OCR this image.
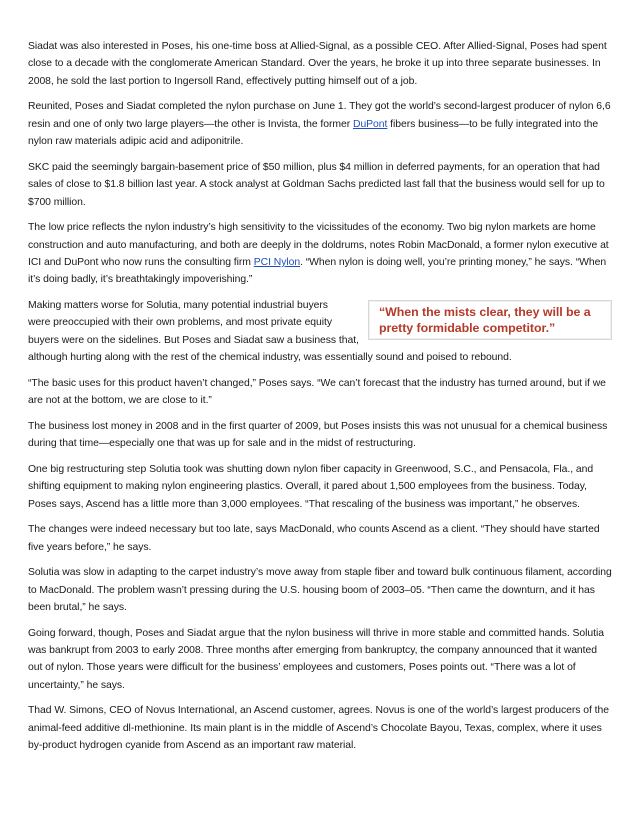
Siadat was also interested in Poses, his one-time boss at Allied-Signal, as a possible CEO. After Allied-Signal, Poses had spent close to a decade with the conglomerate American Standard. Over the years, he broke it up into three separate businesses. In 2008, he sold the last portion to Ingersoll Rand, effectively putting himself out of a job.

Reunited, Poses and Siadat completed the nylon purchase on June 1. They got the world’s second-largest producer of nylon 6,6 resin and one of only two large players—the other is Invista, the former DuPont fibers business—to be fully integrated into the nylon raw materials adipic acid and adiponitrile.

SKC paid the seemingly bargain-basement price of $50 million, plus $4 million in deferred payments, for an operation that had sales of close to $1.8 billion last year. A stock analyst at Goldman Sachs predicted last fall that the business would sell for up to $700 million.

The low price reflects the nylon industry’s high sensitivity to the vicissitudes of the economy. Two big nylon markets are home construction and auto manufacturing, and both are deeply in the doldrums, notes Robin MacDonald, a former nylon executive at ICI and DuPont who now runs the consulting firm PCI Nylon. “When nylon is doing well, you’re printing money,” he says. “When it’s doing badly, it’s breathtakingly impoverishing.”

Making matters worse for Solutia, many potential industrial buyers
were preoccupied with their own problems, and most private equity
buyers were on the sidelines. But Poses and Siadat saw a business that,
although hurting along with the rest of the chemical industry, was essentially sound and poised to rebound.
“When the mists clear, they will be a pretty formidable competitor.”

“The basic uses for this product haven’t changed,” Poses says. “We can’t forecast that the industry has turned around, but if we are not at the bottom, we are close to it.”

The business lost money in 2008 and in the first quarter of 2009, but Poses insists this was not unusual for a chemical business during that time—especially one that was up for sale and in the midst of restructuring.

One big restructuring step Solutia took was shutting down nylon fiber capacity in Greenwood, S.C., and Pensacola, Fla., and shifting equipment to making nylon engineering plastics. Overall, it pared about 1,500 employees from the business. Today, Poses says, Ascend has a little more than 3,000 employees. “That rescaling of the business was important,” he observes.

The changes were indeed necessary but too late, says MacDonald, who counts Ascend as a client. “They should have started five years before,” he says.

Solutia was slow in adapting to the carpet industry’s move away from staple fiber and toward bulk continuous filament, according to MacDonald. The problem wasn’t pressing during the U.S. housing boom of 2003–05. “Then came the downturn, and it has been brutal,” he says.

Going forward, though, Poses and Siadat argue that the nylon business will thrive in more stable and committed hands. Solutia was bankrupt from 2003 to early 2008. Three months after emerging from bankruptcy, the company announced that it wanted out of nylon. Those years were difficult for the business’ employees and customers, Poses points out. “There was a lot of uncertainty,” he says.

Thad W. Simons, CEO of Novus International, an Ascend customer, agrees. Novus is one of the world’s largest producers of the animal-feed additive dl-methionine. Its main plant is in the middle of Ascend’s Chocolate Bayou, Texas, complex, where it uses by-product hydrogen cyanide from Ascend as an important raw material.
